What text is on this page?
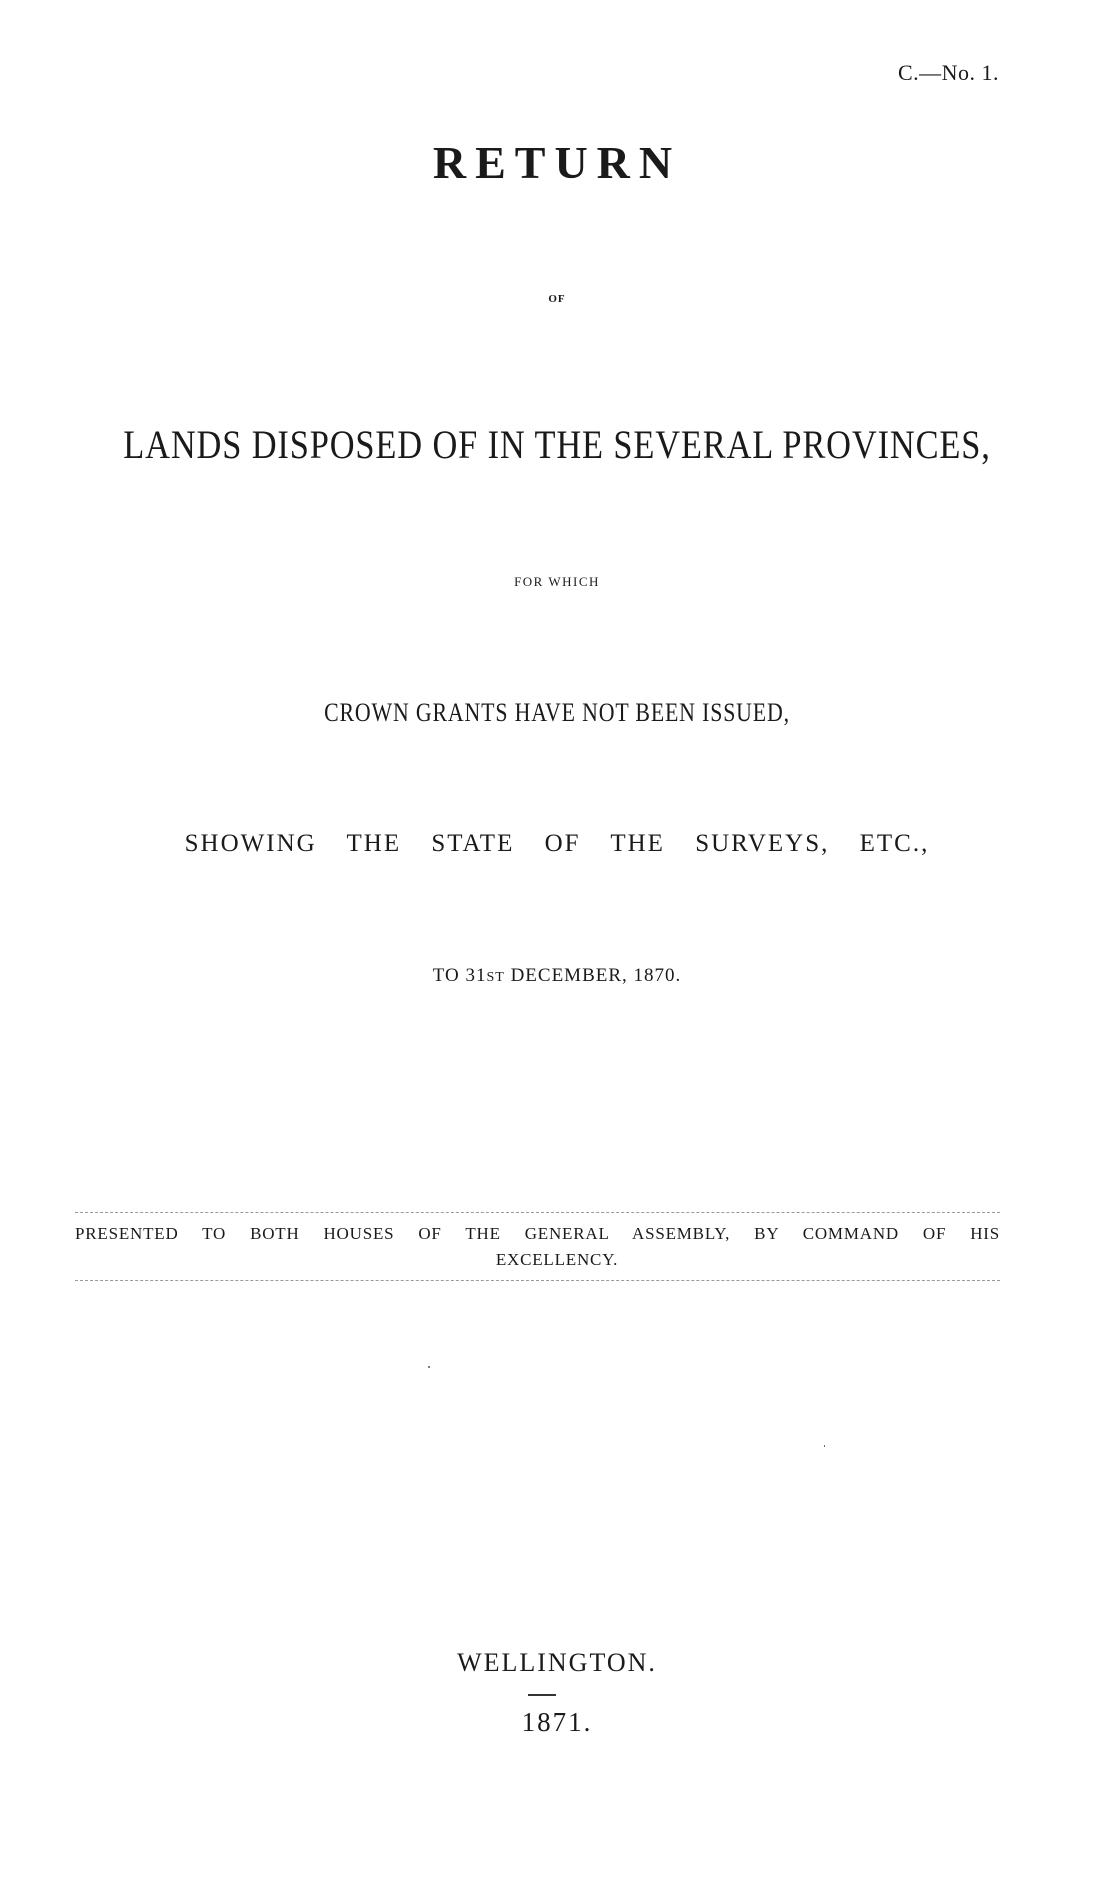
C.—No. 1.
RETURN
OF
LANDS DISPOSED OF IN THE SEVERAL PROVINCES,
FOR WHICH
CROWN GRANTS HAVE NOT BEEN ISSUED,
SHOWING THE STATE OF THE SURVEYS, ETC.,
TO 31ST DECEMBER, 1870.
PRESENTED TO BOTH HOUSES OF THE GENERAL ASSEMBLY, BY COMMAND OF HIS
EXCELLENCY.
WELLINGTON.
1871.
